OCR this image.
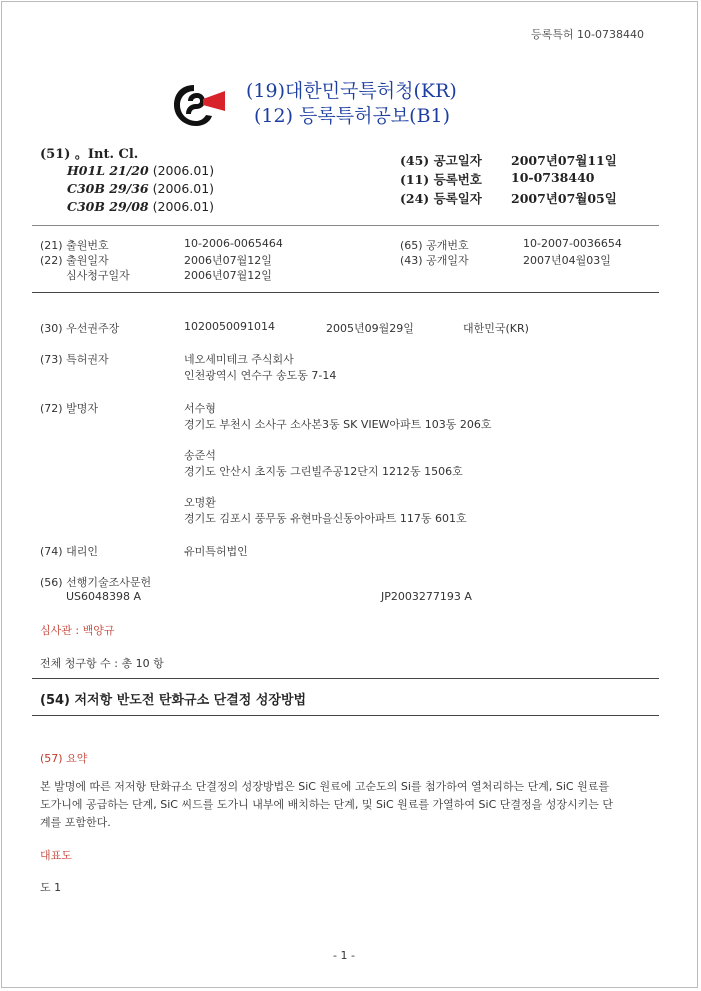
등록특허 10-0738440
(19)대한민국특허청(KR)
(12) 등록특허공보(B1)
(51) 。Int. Cl.
H01L 21/20 (2006.01)
C30B 29/36 (2006.01)
C30B 29/08 (2006.01)
(45) 공고일자 2007년07월11일
(11) 등록번호 10-0738440
(24) 등록일자 2007년07월05일
(21) 출원번호	10-2006-0065464
(22) 출원일자	2006년07월12일
심사청구일자	2006년07월12일
(65) 공개번호	10-2007-0036654
(43) 공개일자	2007년04월03일
(30) 우선권주장	1020050091014	2005년09월29일	대한민국(KR)
(73) 특허권자	네오세미테크 주식회사
인천광역시 연수구 송도동 7-14
(72) 발명자	서수형
경기도 부천시 소사구 소사본3동 SK VIEW아파트 103동 206호
송준석
경기도 안산시 초지동 그린빌주공12단지 1212동 1506호
오명환
경기도 김포시 풍무동 유현마을신동아아파트 117동 601호
(74) 대리인	유미특허법인
(56) 선행기술조사문헌
US6048398 A	JP2003277193 A
심사관 : 백양규
전체 청구항 수 : 총 10 항
(54) 저저항 반도전 탄화규소 단결정 성장방법
(57) 요약
본 발명에 따른 저저항 탄화규소 단결정의 성장방법은 SiC 원료에 고순도의 Si를 첨가하여 열처리하는 단계, SiC 원료를
도가니에 공급하는 단계, SiC 씨드를 도가니 내부에 배치하는 단계, 및 SiC 원료를 가열하여 SiC 단결정을 성장시키는 단
계를 포함한다.
대표도
도 1
- 1 -
